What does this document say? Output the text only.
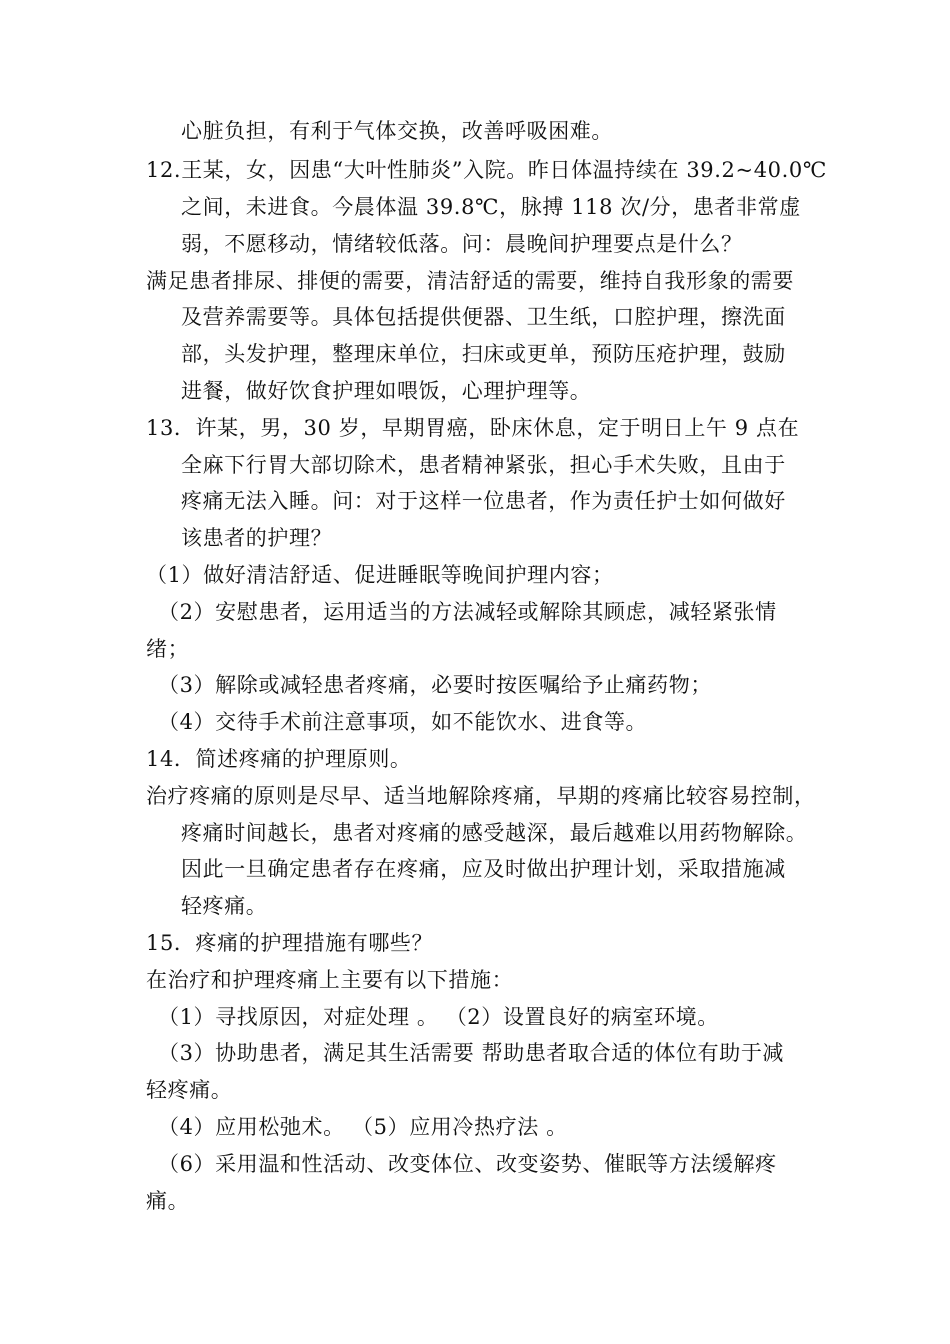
心脏负担，有利于气体交换，改善呼吸困难。
12.王某，女，因患“大叶性肺炎”入院。昨日体温持续在 39.2~40.0℃
之间，未进食。今晨体温 39.8℃，脉搏 118 次/分，患者非常虚
弱，不愿移动，情绪较低落。问：晨晚间护理要点是什么？
满足患者排尿、排便的需要，清洁舒适的需要，维持自我形象的需要
及营养需要等。具体包括提供便器、卫生纸，口腔护理，擦洗面
部，头发护理，整理床单位，扫床或更单，预防压疮护理，鼓励
进餐，做好饮食护理如喂饭，心理护理等。
13．许某，男，30 岁，早期胃癌，卧床休息，定于明日上午 9 点在
全麻下行胃大部切除术，患者精神紧张，担心手术失败，且由于
疼痛无法入睡。问：对于这样一位患者，作为责任护士如何做好
该患者的护理？
（1）做好清洁舒适、促进睡眠等晚间护理内容；
（2）安慰患者，运用适当的方法减轻或解除其顾虑，减轻紧张情
绪；
（3）解除或减轻患者疼痛，必要时按医嘱给予止痛药物；
（4）交待手术前注意事项，如不能饮水、进食等。
14．简述疼痛的护理原则。
治疗疼痛的原则是尽早、适当地解除疼痛，早期的疼痛比较容易控制，
疼痛时间越长，患者对疼痛的感受越深，最后越难以用药物解除。
因此一旦确定患者存在疼痛，应及时做出护理计划，采取措施减
轻疼痛。
15．疼痛的护理措施有哪些？
在治疗和护理疼痛上主要有以下措施：
（1）寻找原因，对症处理 。 （2）设置良好的病室环境。
（3）协助患者，满足其生活需要 帮助患者取合适的体位有助于减
轻疼痛。
（4）应用松弛术。 （5）应用冷热疗法 。
（6）采用温和性活动、改变体位、改变姿势、催眠等方法缓解疼
痛。
